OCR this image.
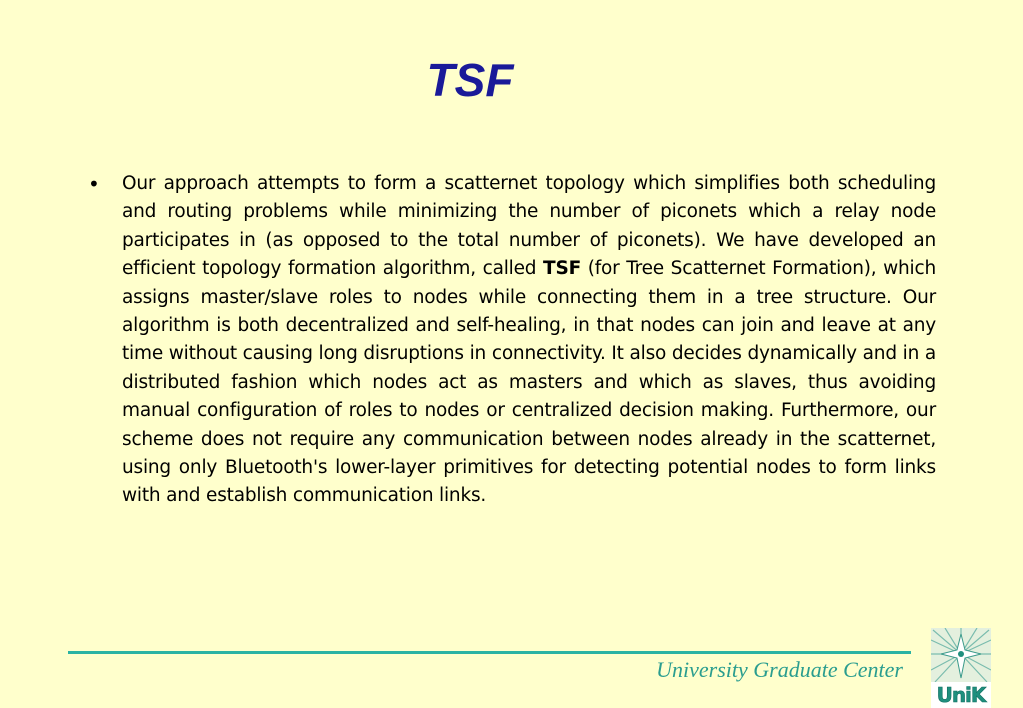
TSF
• Our approach attempts to form a scatternet topology which simplifies both scheduling and routing problems while minimizing the number of piconets which a relay node participates in (as opposed to the total number of piconets). We have developed an efficient topology formation algorithm, called TSF (for Tree Scatternet Formation), which assigns master/slave roles to nodes while connecting them in a tree structure. Our algorithm is both decentralized and self-healing, in that nodes can join and leave at any time without causing long disruptions in connectivity. It also decides dynamically and in a distributed fashion which nodes act as masters and which as slaves, thus avoiding manual configuration of roles to nodes or centralized decision making. Furthermore, our scheme does not require any communication between nodes already in the scatternet, using only Bluetooth's lower-layer primitives for detecting potential nodes to form links with and establish communication links.

University Graduate Center
UniK
